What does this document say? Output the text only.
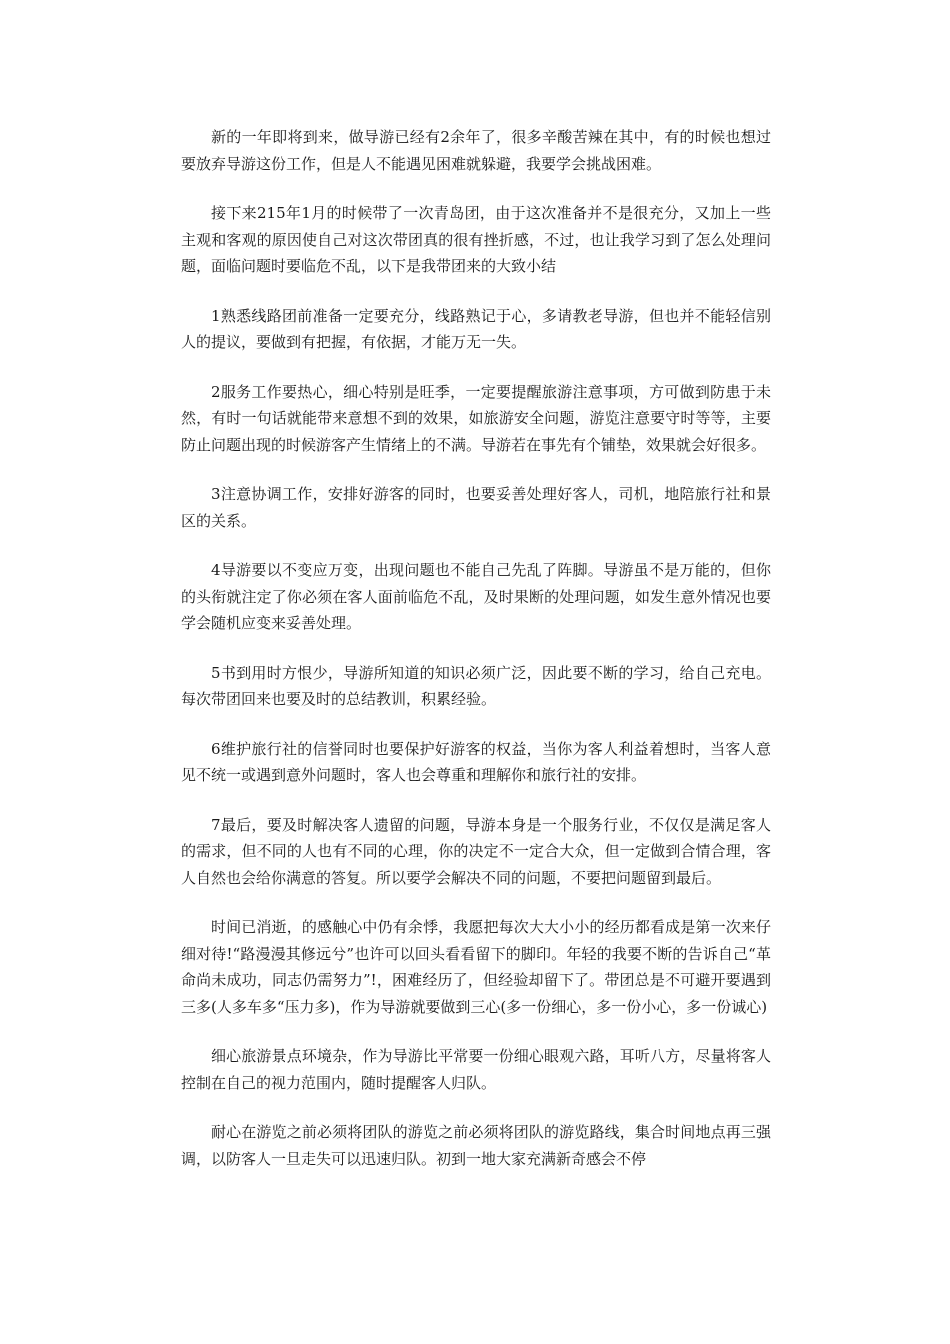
新的一年即将到来，做导游已经有2余年了，很多辛酸苦辣在其中，有的时候也想过要放弃导游这份工作，但是人不能遇见困难就躲避，我要学会挑战困难。

接下来215年1月的时候带了一次青岛团，由于这次准备并不是很充分，又加上一些主观和客观的原因使自己对这次带团真的很有挫折感，不过，也让我学习到了怎么处理问题，面临问题时要临危不乱，以下是我带团来的大致小结

1熟悉线路团前准备一定要充分，线路熟记于心，多请教老导游，但也并不能轻信别人的提议，要做到有把握，有依据，才能万无一失。

2服务工作要热心，细心特别是旺季，一定要提醒旅游注意事项，方可做到防患于未然，有时一句话就能带来意想不到的效果，如旅游安全问题，游览注意要守时等等，主要防止问题出现的时候游客产生情绪上的不满。导游若在事先有个铺垫，效果就会好很多。

3注意协调工作，安排好游客的同时，也要妥善处理好客人，司机，地陪旅行社和景区的关系。

4导游要以不变应万变，出现问题也不能自己先乱了阵脚。导游虽不是万能的，但你的头衔就注定了你必须在客人面前临危不乱，及时果断的处理问题，如发生意外情况也要学会随机应变来妥善处理。

5书到用时方恨少，导游所知道的知识必须广泛，因此要不断的学习，给自己充电。每次带团回来也要及时的总结教训，积累经验。

6维护旅行社的信誉同时也要保护好游客的权益，当你为客人利益着想时，当客人意见不统一或遇到意外问题时，客人也会尊重和理解你和旅行社的安排。

7最后，要及时解决客人遗留的问题，导游本身是一个服务行业，不仅仅是满足客人的需求，但不同的人也有不同的心理，你的决定不一定合大众，但一定做到合情合理，客人自然也会给你满意的答复。所以要学会解决不同的问题，不要把问题留到最后。

时间已消逝，的感触心中仍有余悸，我愿把每次大大小小的经历都看成是第一次来仔细对待!“路漫漫其修远兮”也许可以回头看看留下的脚印。年轻的我要不断的告诉自己“革命尚未成功，同志仍需努力”!，困难经历了，但经验却留下了。带团总是不可避开要遇到三多(人多车多“压力多)，作为导游就要做到三心(多一份细心，多一份小心，多一份诚心)

细心旅游景点环境杂，作为导游比平常要一份细心眼观六路，耳听八方，尽量将客人控制在自己的视力范围内，随时提醒客人归队。

耐心在游览之前必须将团队的游览之前必须将团队的游览路线，集合时间地点再三强调，以防客人一旦走失可以迅速归队。初到一地大家充满新奇感会不停
